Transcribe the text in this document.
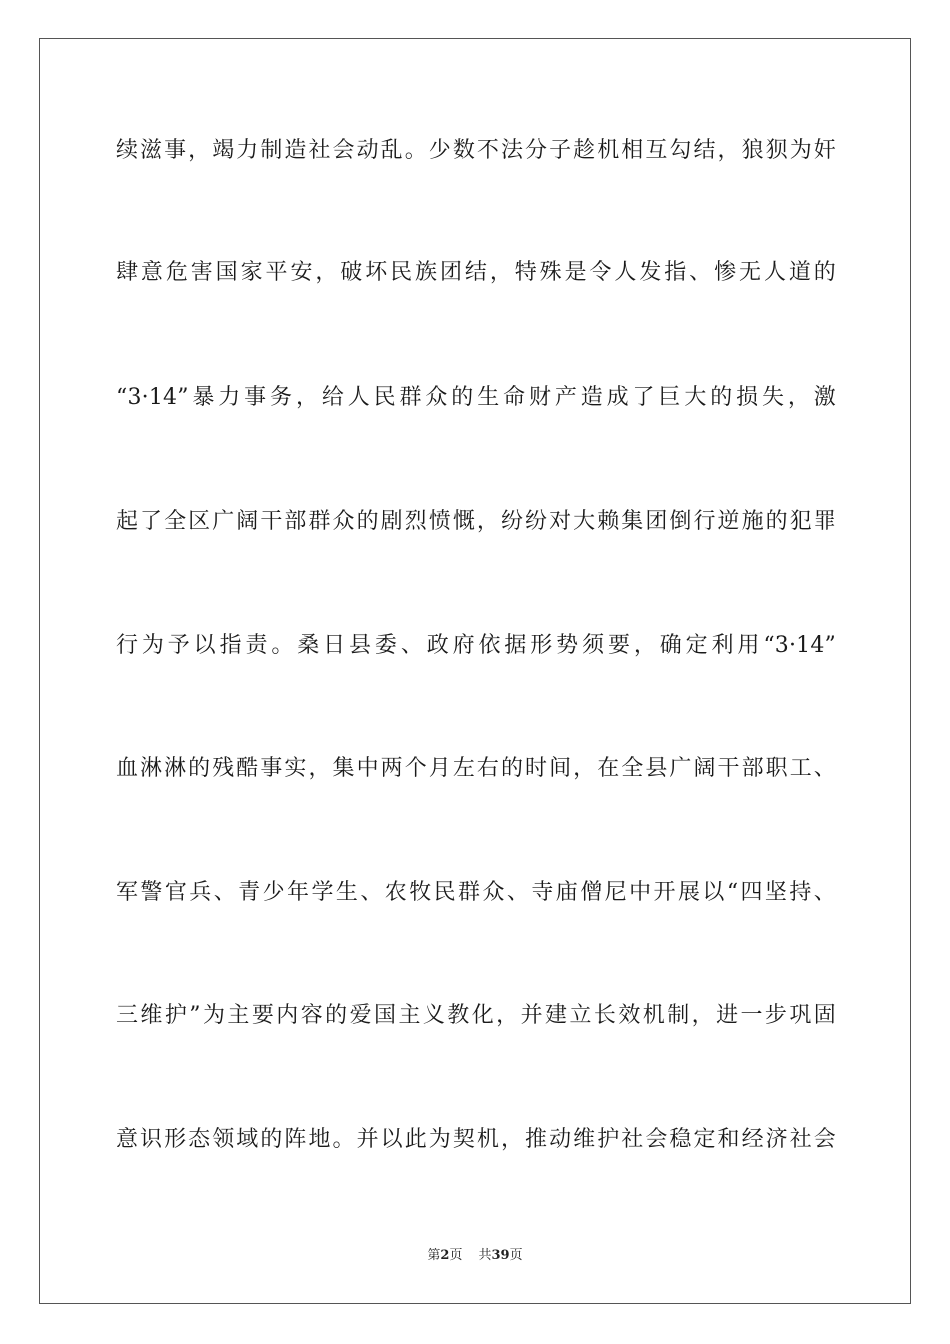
续滋事，竭力制造社会动乱。少数不法分子趁机相互勾结，狼狈为奸
肆意危害国家平安，破坏民族团结，特殊是令人发指、惨无人道的
“3·14”暴力事务，给人民群众的生命财产造成了巨大的损失，激
起了全区广阔干部群众的剧烈愤慨，纷纷对大赖集团倒行逆施的犯罪
行为予以指责。桑日县委、政府依据形势须要，确定利用“3·14”
血淋淋的残酷事实，集中两个月左右的时间，在全县广阔干部职工、
军警官兵、青少年学生、农牧民群众、寺庙僧尼中开展以“四坚持、
三维护”为主要内容的爱国主义教化，并建立长效机制，进一步巩固
意识形态领域的阵地。并以此为契机，推动维护社会稳定和经济社会
第2页 共39页
